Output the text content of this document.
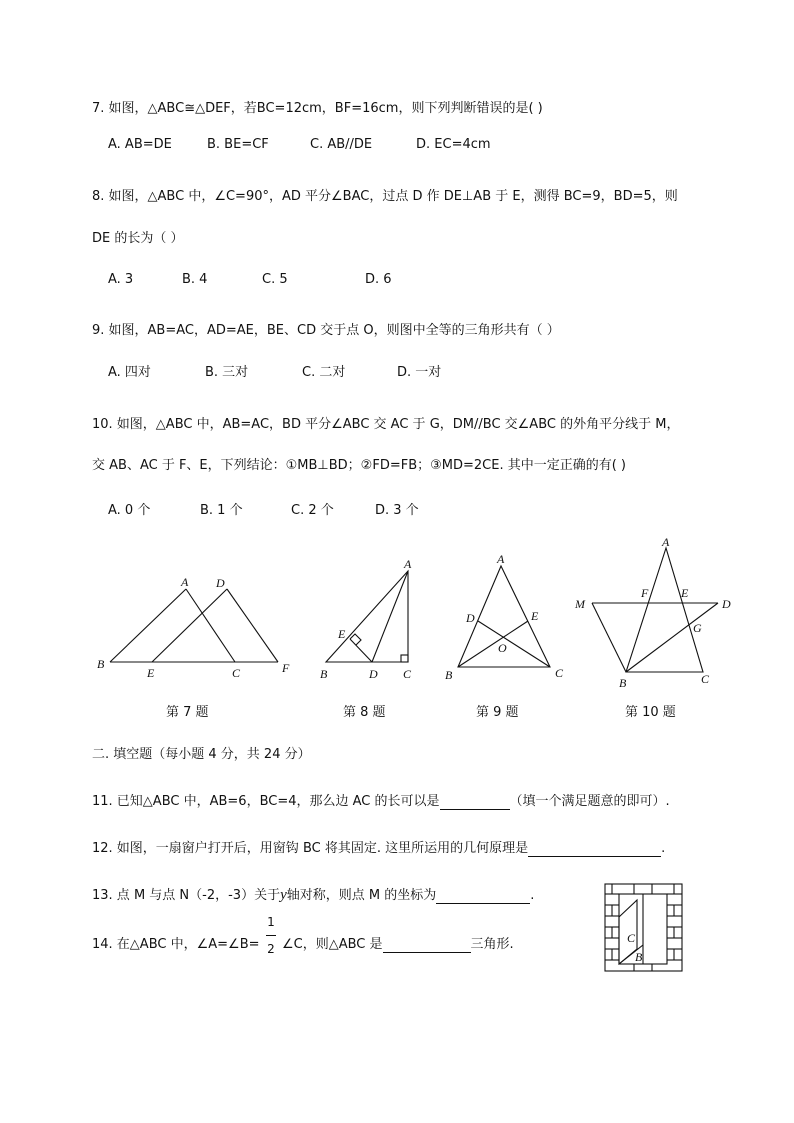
7. 如图，△ABC≅△DEF，若BC=12cm，BF=16cm，则下列判断错误的是( )
A. AB=DE	B. BE=CF	C. AB//DE	D. EC=4cm
8. 如图，△ABC 中，∠C=90°，AD 平分∠BAC，过点 D 作 DE⊥AB 于 E，测得 BC=9，BD=5，则
DE 的长为（ ）
A. 3	B. 4	C. 5	D. 6
9. 如图，AB=AC，AD=AE，BE、CD 交于点 O，则图中全等的三角形共有（ ）
A. 四对	B. 三对	C. 二对	D. 一对
10. 如图，△ABC 中，AB=AC，BD 平分∠ABC 交 AC 于 G，DM//BC 交∠ABC 的外角平分线于 M，
交 AB、AC 于 F、E，下列结论：①MB⊥BD；②FD=FB；③MD=2CE. 其中一定正确的有( )
A. 0 个	B. 1 个	C. 2 个	D. 3 个
A D
B
E	C	F
A
E
B	D C
A
D	E
O
B	C
A
M
F	E
D
G
B	C
第 7 题	第 8 题	第 9 题	第 10 题
二. 填空题（每小题 4 分，共 24 分）
11. 已知△ABC 中，AB=6，BC=4，那么边 AC 的长可以是	（填一个满足题意的即可）.
12. 如图，一扇窗户打开后，用窗钩 BC 将其固定. 这里所运用的几何原理是	.
13. 点 M 与点 N（-2，-3）关于y轴对称，则点 M 的坐标为	.
14. 在△ABC 中，∠A=∠B=
1
2 ∠C，则△ABC 是	三角形.	C
B
